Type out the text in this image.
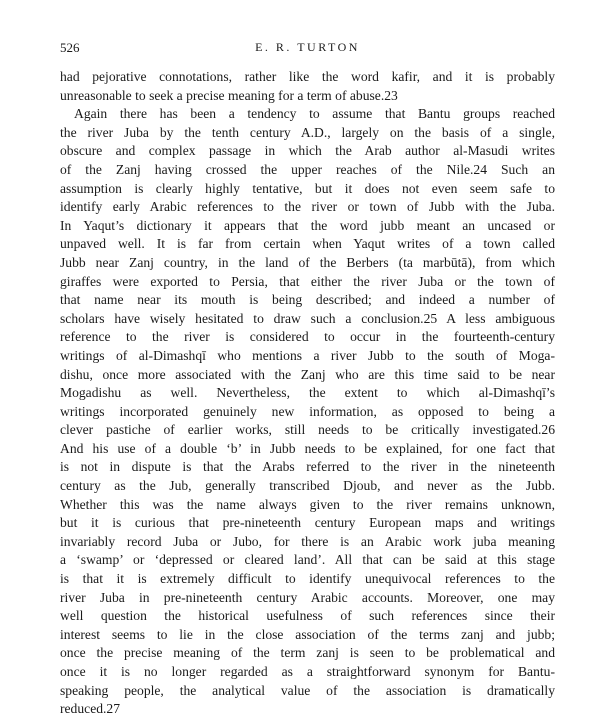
526	E. R. TURTON
had pejorative connotations, rather like the word kafir, and it is probably
unreasonable to seek a precise meaning for a term of abuse.23
Again there has been a tendency to assume that Bantu groups reached
the river Juba by the tenth century A.D., largely on the basis of a single,
obscure and complex passage in which the Arab author al-Masudi writes
of the Zanj having crossed the upper reaches of the Nile.24 Such an
assumption is clearly highly tentative, but it does not even seem safe to
identify early Arabic references to the river or town of Jubb with the Juba.
In Yaqut’s dictionary it appears that the word jubb meant an uncased or
unpaved well. It is far from certain when Yaqut writes of a town called
Jubb near Zanj country, in the land of the Berbers (ta marbūtā), from which
giraffes were exported to Persia, that either the river Juba or the town of
that name near its mouth is being described; and indeed a number of
scholars have wisely hesitated to draw such a conclusion.25 A less ambiguous
reference to the river is considered to occur in the fourteenth-century
writings of al-Dimashqī who mentions a river Jubb to the south of Moga-
dishu, once more associated with the Zanj who are this time said to be near
Mogadishu as well. Nevertheless, the extent to which al-Dimashqī’s
writings incorporated genuinely new information, as opposed to being a
clever pastiche of earlier works, still needs to be critically investigated.26
And his use of a double ‘b’ in Jubb needs to be explained, for one fact that
is not in dispute is that the Arabs referred to the river in the nineteenth
century as the Jub, generally transcribed Djoub, and never as the Jubb.
Whether this was the name always given to the river remains unknown,
but it is curious that pre-nineteenth century European maps and writings
invariably record Juba or Jubo, for there is an Arabic work juba meaning
a ‘swamp’ or ‘depressed or cleared land’. All that can be said at this stage
is that it is extremely difficult to identify unequivocal references to the
river Juba in pre-nineteenth century Arabic accounts. Moreover, one may
well question the historical usefulness of such references since their
interest seems to lie in the close association of the terms zanj and jubb;
once the precise meaning of the term zanj is seen to be problematical and
once it is no longer regarded as a straightforward synonym for Bantu-
speaking people, the analytical value of the association is dramatically
reduced.27
